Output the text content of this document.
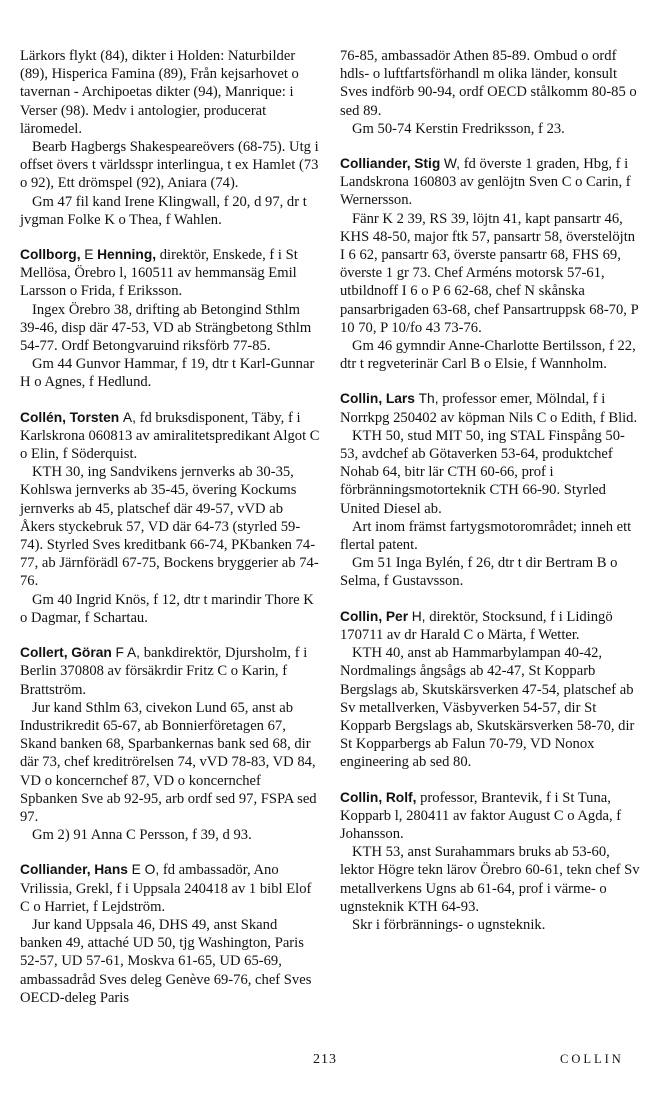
Lärkors flykt (84), dikter i Holden: Naturbilder (89), Hisperica Famina (89), Från kejsarhovet o tavernan - Archipoetas dikter (94), Manrique: i Verser (98). Medv i antologier, producerat läromedel.

Bearb Hagbergs Shakespeareövers (68-75). Utg i offset övers t världsspr interlingua, t ex Hamlet (73 o 92), Ett drömspel (92), Aniara (74).

Gm 47 fil kand Irene Klingwall, f 20, d 97, dr t jvgman Folke K o Thea, f Wahlen.

Collborg, E Henning, direktör, Enskede, f i St Mellösa, Örebro l, 160511 av hemmansäg Emil Larsson o Frida, f Eriksson.

Ingex Örebro 38, drifting ab Betongind Sthlm 39-46, disp där 47-53, VD ab Strängbetong Sthlm 54-77. Ordf Betongvaruind riksförb 77-85.

Gm 44 Gunvor Hammar, f 19, dtr t Karl-Gunnar H o Agnes, f Hedlund.

Collén, Torsten A, fd bruksdisponent, Täby, f i Karlskrona 060813 av amiralitetspredikant Algot C o Elin, f Söderquist.

KTH 30, ing Sandvikens jernverks ab 30-35, Kohlswa jernverks ab 35-45, övering Kockums jernverks ab 45, platschef där 49-57, vVD ab Åkers styckebruk 57, VD där 64-73 (styrled 59-74). Styrled Sves kreditbank 66-74, PKbanken 74-77, ab Järnförädl 67-75, Bockens bryggerier ab 74-76.

Gm 40 Ingrid Knös, f 12, dtr t marindir Thore K o Dagmar, f Schartau.

Collert, Göran F A, bankdirektör, Djursholm, f i Berlin 370808 av försäkrdir Fritz C o Karin, f Brattström.

Jur kand Sthlm 63, civekon Lund 65, anst ab Industrikredit 65-67, ab Bonnierföretagen 67, Skand banken 68, Sparbankernas bank sed 68, dir där 73, chef kreditrörelsen 74, vVD 78-83, VD 84, VD o koncernchef 87, VD o koncernchef Spbanken Sve ab 92-95, arb ordf sed 97, FSPA sed 97.

Gm 2) 91 Anna C Persson, f 39, d 93.

Colliander, Hans E O, fd ambassadör, Ano Vrilissia, Grekl, f i Uppsala 240418 av 1 bibl Elof C o Harriet, f Lejdström.

Jur kand Uppsala 46, DHS 49, anst Skand banken 49, attaché UD 50, tjg Washington, Paris 52-57, UD 57-61, Moskva 61-65, UD 65-69, ambassadråd Sves deleg Genève 69-76, chef Sves OECD-deleg Paris

76-85, ambassadör Athen 85-89. Ombud o ordf hdls- o luftfartsförhandl m olika länder, konsult Sves indförb 90-94, ordf OECD stålkomm 80-85 o sed 89.

Gm 50-74 Kerstin Fredriksson, f 23.

Colliander, Stig W, fd överste 1 graden, Hbg, f i Landskrona 160803 av genlöjtn Sven C o Carin, f Wernersson.

Fänr K 2 39, RS 39, löjtn 41, kapt pansartr 46, KHS 48-50, major ftk 57, pansartr 58, överstelöjtn I 6 62, pansartr 63, överste pansartr 68, FHS 69, överste 1 gr 73. Chef Arméns motorsk 57-61, utbildnoff I 6 o P 6 62-68, chef N skånska pansarbrigaden 63-68, chef Pansartruppsk 68-70, P 10 70, P 10/fo 43 73-76.

Gm 46 gymndir Anne-Charlotte Bertilsson, f 22, dtr t regveterinär Carl B o Elsie, f Wannholm.

Collin, Lars Th, professor emer, Mölndal, f i Norrkpg 250402 av köpman Nils C o Edith, f Blid.

KTH 50, stud MIT 50, ing STAL Finspång 50-53, avdchef ab Götaverken 53-64, produktchef Nohab 64, bitr lär CTH 60-66, prof i förbränningsmotorteknik CTH 66-90. Styrled United Diesel ab.

Art inom främst fartygsmotorområdet; inneh ett flertal patent.

Gm 51 Inga Bylén, f 26, dtr t dir Bertram B o Selma, f Gustavsson.

Collin, Per H, direktör, Stocksund, f i Lidingö 170711 av dr Harald C o Märta, f Wetter.

KTH 40, anst ab Hammarbylampan 40-42, Nordmalings ångsågs ab 42-47, St Kopparb Bergslags ab, Skutskärsverken 47-54, platschef ab Sv metallverken, Väsbyverken 54-57, dir St Kopparb Bergslags ab, Skutskärsverken 58-70, dir St Kopparbergs ab Falun 70-79, VD Nonox engineering ab sed 80.

Collin, Rolf, professor, Brantevik, f i St Tuna, Kopparb l, 280411 av faktor August C o Agda, f Johansson.

KTH 53, anst Surahammars bruks ab 53-60, lektor Högre tekn lärov Örebro 60-61, tekn chef Sv metallverkens Ugns ab 61-64, prof i värme- o ugnsteknik KTH 64-93.

Skr i förbrännings- o ugnsteknik.

213	COLLIN
